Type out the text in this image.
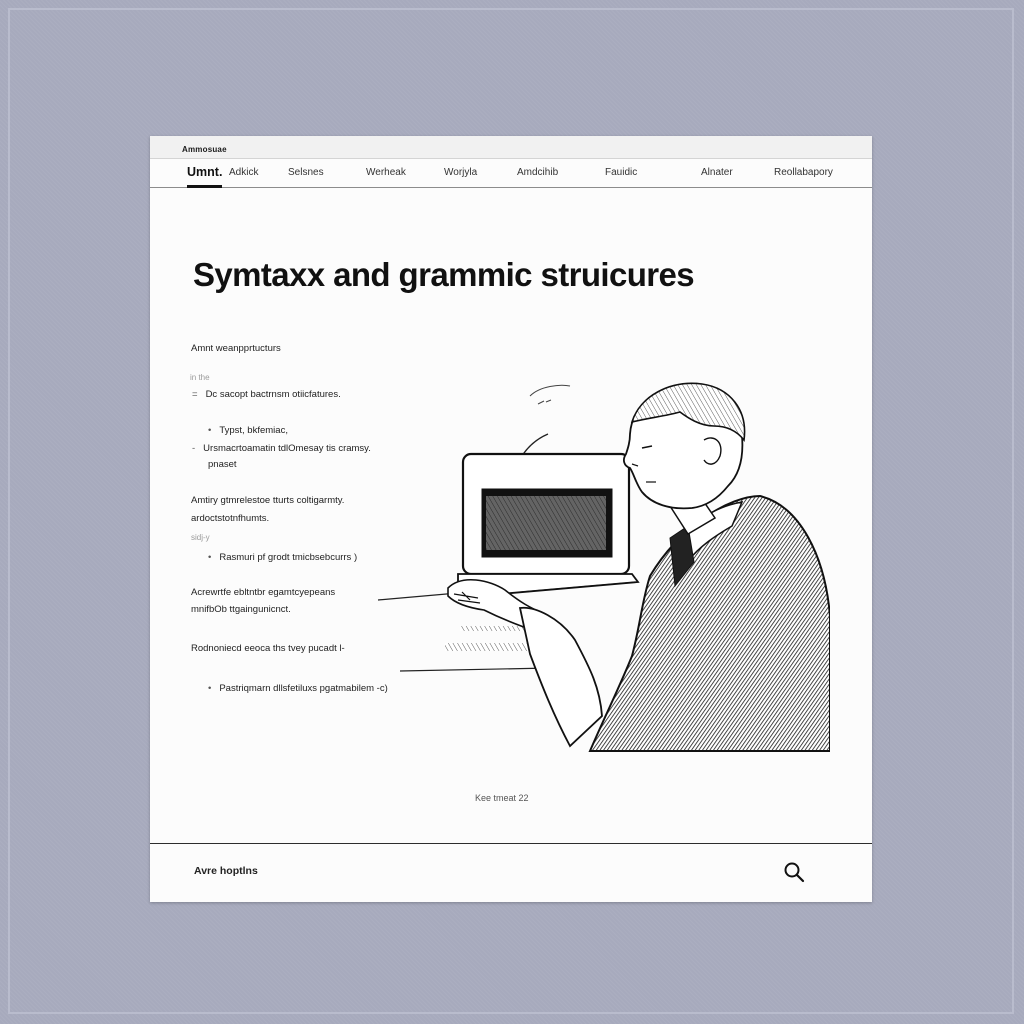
Ammosuae
Umnt. Adkick	Selsnes	Werheak	Worjyla	Amdcihib	Fauidic	Alnater	Reollabapory
Symtaxx and grammic struicures
Amnt weanpprtucturs
in the
= Dc sacopt bactrnsm otiicfatures.
• Typst, bkfemiac,
- Ursmacrtoamatin tdlOmesay tis cramsy.
pnaset
Amtiry gtmrelestoe tturts coltigarmty.
ardoctstotnfhumts.
sidj-y
• Rasmuri pf grodt tmicbsebcurrs )
Acrewrtfe ebltntbr egamtcyepeans
mnifbOb ttgaingunicnct.
Rodnoniecd eeoca ths tvey pucadt l-
• Pastriqmarn dllsfetiluxs pgatmabilem -c)
Kee tmeat 22
Avre hoptlns
